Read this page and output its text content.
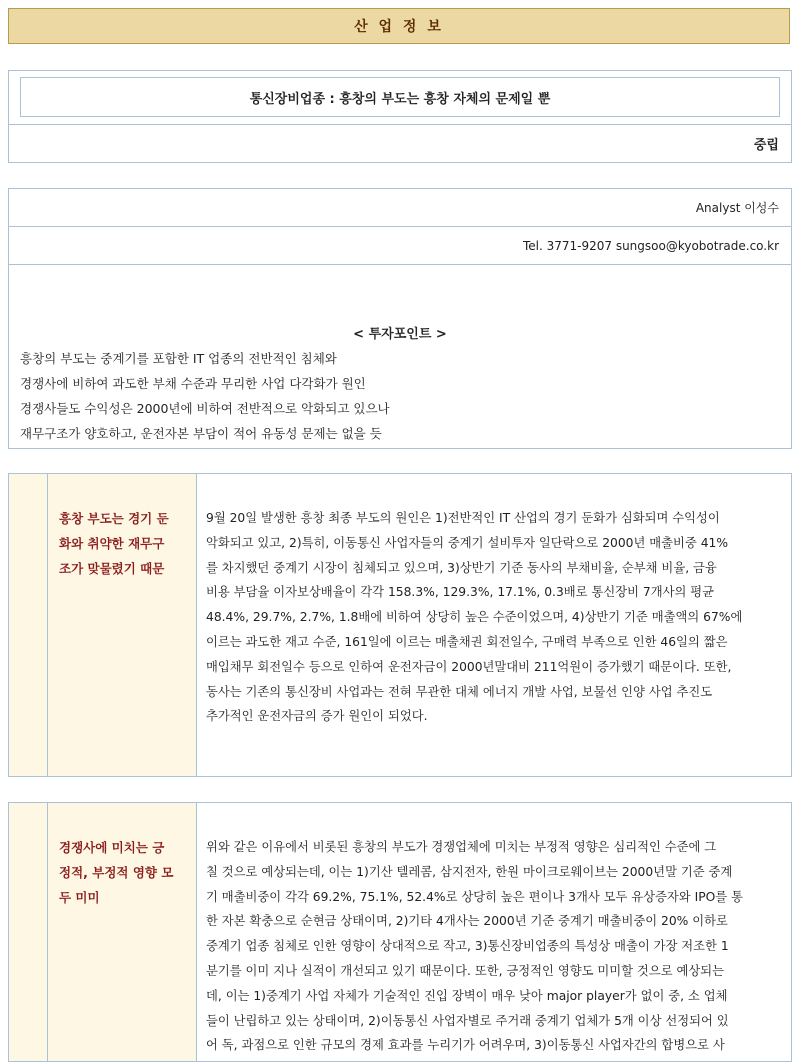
산 업 정 보
통신장비업종 : 흥창의 부도는 흥창 자체의 문제일 뿐
중립
Analyst 이성수
Tel. 3771-9207 sungsoo@kyobotrade.co.kr
< 투자포인트 >
흥창의 부도는 중계기를 포함한 IT 업종의 전반적인 침체와
경쟁사에 비하여 과도한 부채 수준과 무리한 사업 다각화가 원인
경쟁사들도 수익성은 2000년에 비하여 전반적으로 악화되고 있으나
재무구조가 양호하고, 운전자본 부담이 적어 유동성 문제는 없을 듯
흥창 부도는 경기 둔
화와 취약한 재무구
조가 맞물렸기 때문
9월 20일 발생한 흥창 최종 부도의 원인은 1)전반적인 IT 산업의 경기 둔화가 심화되며 수익성이
악화되고 있고, 2)특히, 이동통신 사업자들의 중계기 설비투자 일단락으로 2000년 매출비중 41%
를 차지했던 중계기 시장이 침체되고 있으며, 3)상반기 기준 동사의 부채비율, 순부채 비율, 금융
비용 부담율 이자보상배율이 각각 158.3%, 129.3%, 17.1%, 0.3배로 통신장비 7개사의 평균
48.4%, 29.7%, 2.7%, 1.8배에 비하여 상당히 높은 수준이었으며, 4)상반기 기준 매출액의 67%에
이르는 과도한 재고 수준, 161일에 이르는 매출채권 회전일수, 구매력 부족으로 인한 46일의 짧은
매입채무 회전일수 등으로 인하여 운전자금이 2000년말대비 211억원이 증가했기 때문이다. 또한,
동사는 기존의 통신장비 사업과는 전혀 무관한 대체 에너지 개발 사업, 보물선 인양 사업 추진도
추가적인 운전자금의 증가 원인이 되었다.
경쟁사에 미치는 긍
정적, 부정적 영향 모
두 미미
위와 같은 이유에서 비롯된 흥창의 부도가 경쟁업체에 미치는 부정적 영향은 심리적인 수준에 그
칠 것으로 예상되는데, 이는 1)기산 텔레콤, 삼지전자, 한원 마이크로웨이브는 2000년말 기준 중계
기 매출비중이 각각 69.2%, 75.1%, 52.4%로 상당히 높은 편이나 3개사 모두 유상증자와 IPO를 통
한 자본 확충으로 순현금 상태이며, 2)기타 4개사는 2000년 기준 중계기 매출비중이 20% 이하로
중계기 업종 침체로 인한 영향이 상대적으로 작고, 3)통신장비업종의 특성상 매출이 가장 저조한 1
분기를 이미 지나 실적이 개선되고 있기 때문이다. 또한, 긍정적인 영향도 미미할 것으로 예상되는
데, 이는 1)중계기 사업 자체가 기술적인 진입 장벽이 매우 낮아 major player가 없이 중, 소 업체
들이 난립하고 있는 상태이며, 2)이동통신 사업자별로 주거래 중계기 업체가 5개 이상 선정되어 있
어 독, 과점으로 인한 규모의 경제 효과를 누리기가 어려우며, 3)이동통신 사업자간의 합병으로 사
